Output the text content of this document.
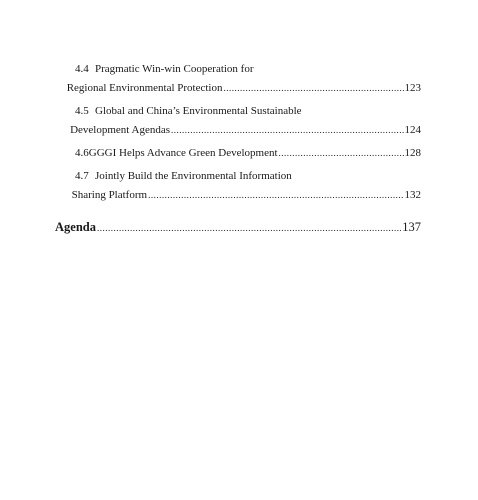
4.4 Pragmatic Win-win Cooperation for
Regional Environmental Protection .....	123
4.5 Global and China’s Environmental Sustainable
Development Agendas .....	124
4.6 GGGI Helps Advance Green Development .....	128
4.7 Jointly Build the Environmental Information
Sharing Platform .....	132
Agenda .....	137
